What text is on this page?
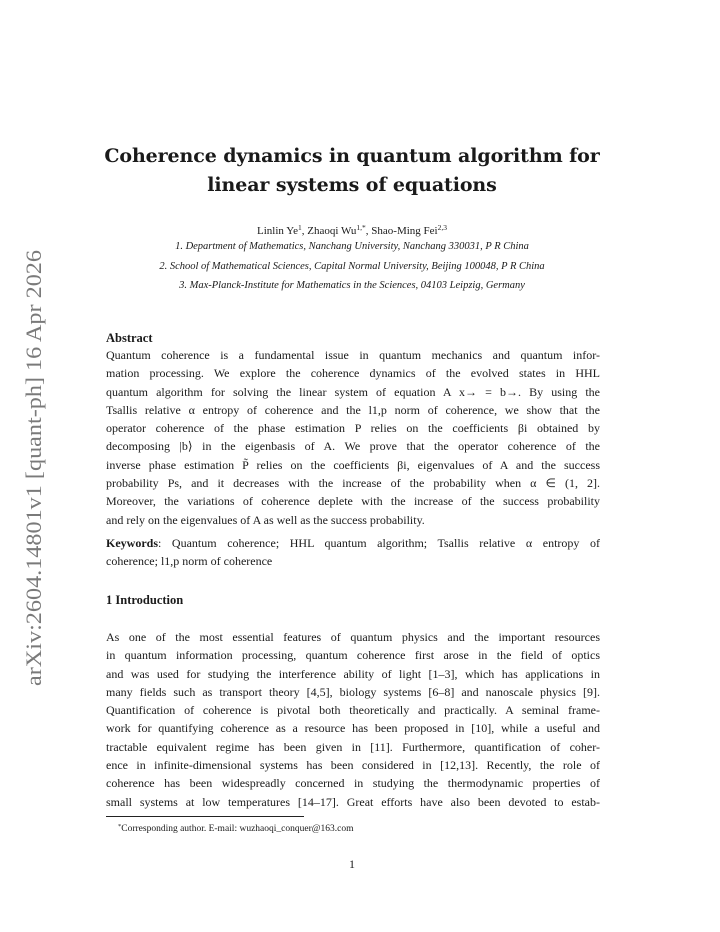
arXiv:2604.14801v1 [quant-ph] 16 Apr 2026
Coherence dynamics in quantum algorithm for
linear systems of equations
Linlin Ye$^1$, Zhaoqi $Wu^{1,*}$, Shao-Ming Fei$^{2,3}$
1. Department of Mathematics, Nanchang University, Nanchang 330031, P R China
2. School of Mathematical Sciences, Capital Normal University, Beijing 100048, P R China
3. Max-Planck-Institute for Mathematics in the Sciences, 04103 Leipzig, Germany
Abstract
Quantum coherence is a fundamental issue in quantum mechanics and quantum infor-
mation processing. We explore the coherence dynamics of the evolved states in HHL
quantum algorithm for solving the linear system of equation A x→ = b→. By using the
Tsallis relative α entropy of coherence and the l1,p norm of coherence, we show that the
operator coherence of the phase estimation P relies on the coefficients βi obtained by
decomposing |b⟩ in the eigenbasis of A. We prove that the operator coherence of the
inverse phase estimation P̃ relies on the coefficients βi, eigenvalues of A and the success
probability Ps, and it decreases with the increase of the probability when α ∈ (1, 2].
Moreover, the variations of coherence deplete with the increase of the success probability
and rely on the eigenvalues of A as well as the success probability.
Keywords: Quantum coherence; HHL quantum algorithm; Tsallis relative α entropy of
coherence; l1,p norm of coherence
1 Introduction
As one of the most essential features of quantum physics and the important resources
in quantum information processing, quantum coherence first arose in the field of optics
and was used for studying the interference ability of light [1–3], which has applications in
many fields such as transport theory [4,5], biology systems [6–8] and nanoscale physics [9].
Quantification of coherence is pivotal both theoretically and practically. A seminal frame-
work for quantifying coherence as a resource has been proposed in [10], while a useful and
tractable equivalent regime has been given in [11]. Furthermore, quantification of coher-
ence in infinite-dimensional systems has been considered in [12,13]. Recently, the role of
coherence has been widespreadly concerned in studying the thermodynamic properties of
small systems at low temperatures [14–17]. Great efforts have also been devoted to estab-
*Corresponding author. E-mail: wuzhaoqi_conquer@163.com
1
